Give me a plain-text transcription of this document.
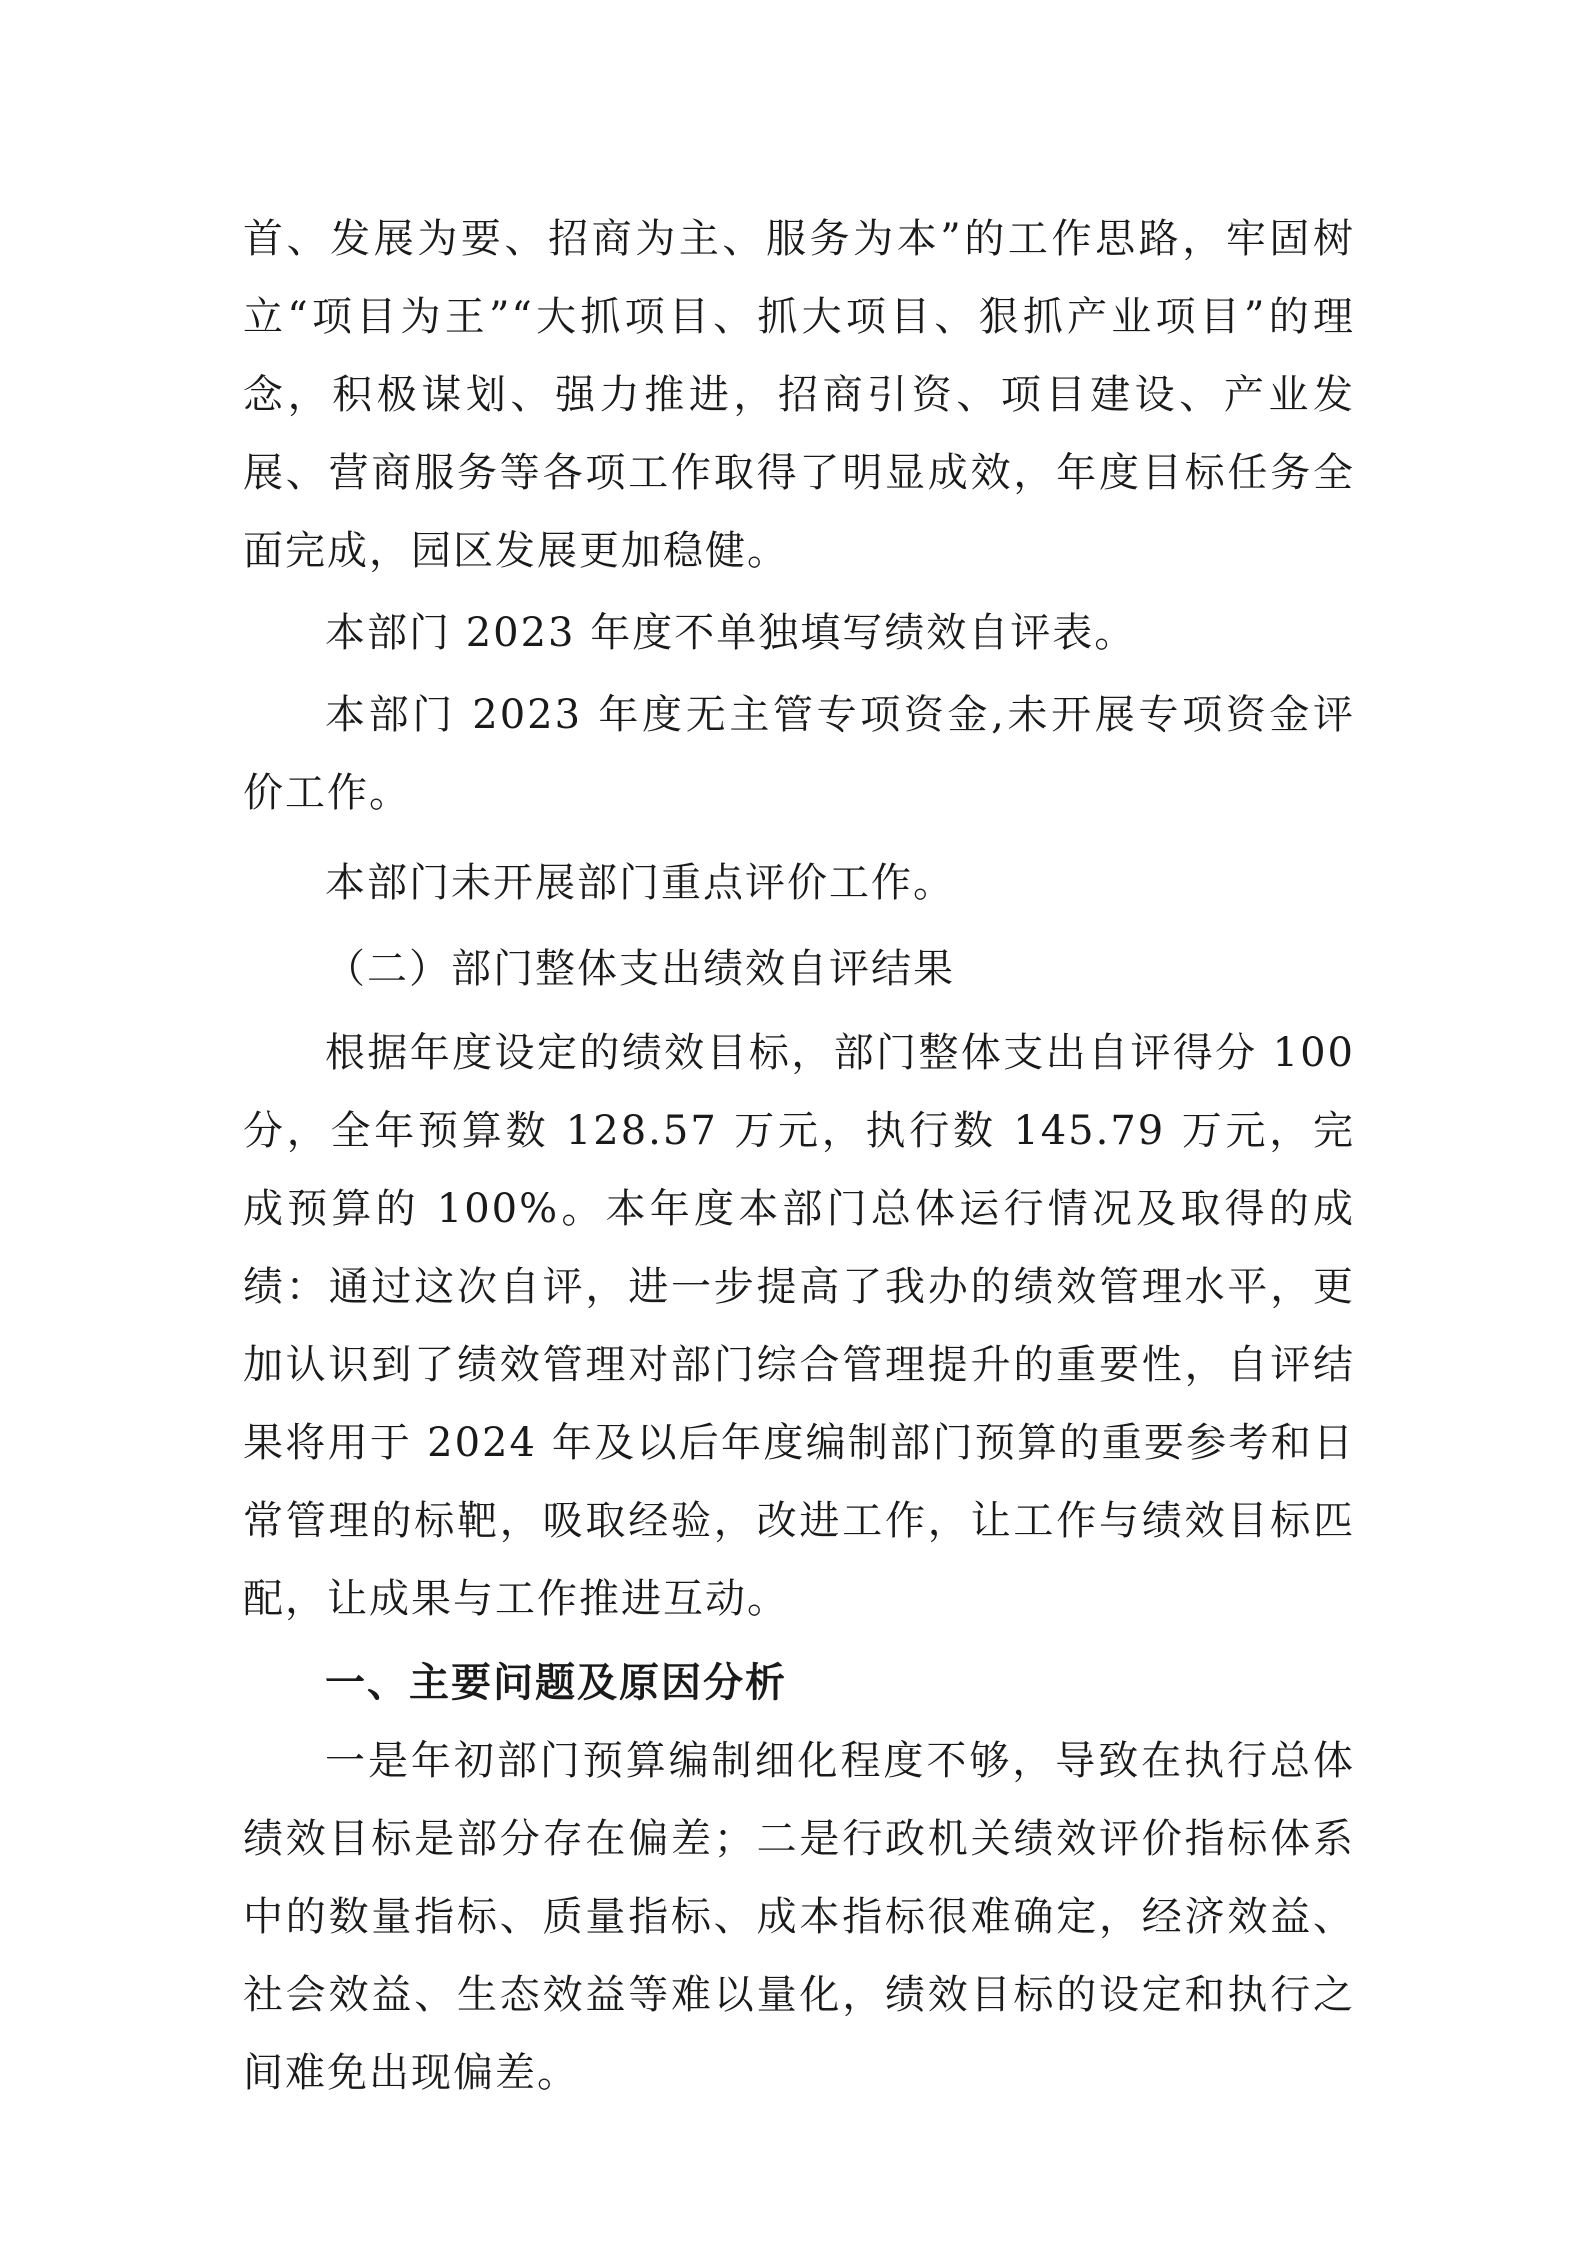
首、发展为要、招商为主、服务为本”的工作思路，牢固树立“项目为王”“大抓项目、抓大项目、狠抓产业项目”的理念，积极谋划、强力推进，招商引资、项目建设、产业发展、营商服务等各项工作取得了明显成效，年度目标任务全面完成，园区发展更加稳健。

本部门 2023 年度不单独填写绩效自评表。

本部门 2023 年度无主管专项资金,未开展专项资金评价工作。

本部门未开展部门重点评价工作。

（二）部门整体支出绩效自评结果

根据年度设定的绩效目标，部门整体支出自评得分 100 分，全年预算数 128.57 万元，执行数 145.79 万元，完成预算的 100%。本年度本部门总体运行情况及取得的成绩：通过这次自评，进一步提高了我办的绩效管理水平，更加认识到了绩效管理对部门综合管理提升的重要性，自评结果将用于 2024 年及以后年度编制部门预算的重要参考和日常管理的标靶，吸取经验，改进工作，让工作与绩效目标匹配，让成果与工作推进互动。

一、主要问题及原因分析

一是年初部门预算编制细化程度不够，导致在执行总体绩效目标是部分存在偏差；二是行政机关绩效评价指标体系中的数量指标、质量指标、成本指标很难确定，经济效益、社会效益、生态效益等难以量化，绩效目标的设定和执行之间难免出现偏差。
